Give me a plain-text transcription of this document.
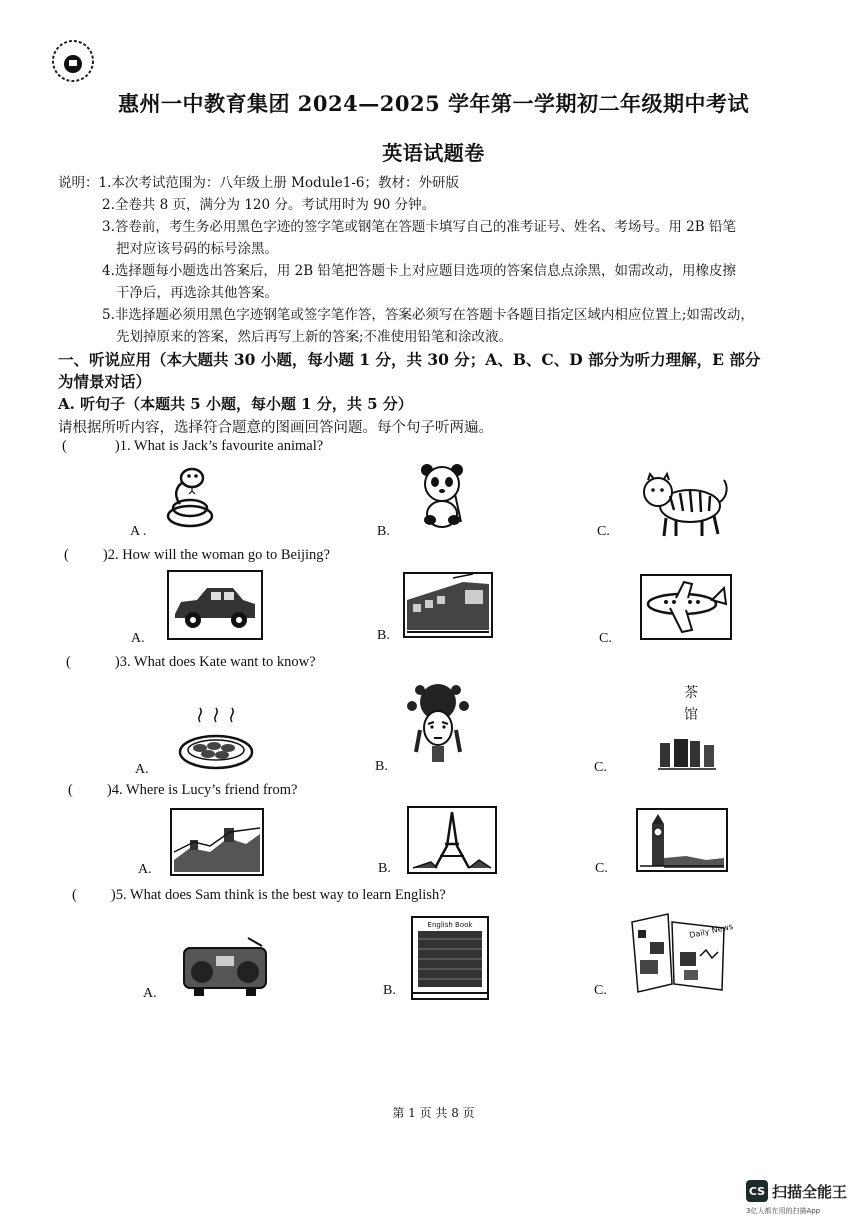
惠州一中教育集团 2024—2025 学年第一学期初二年级期中考试
英语试题卷
说明：1.本次考试范围为：八年级上册 Module1-6；教材：外研版
2.全卷共 8 页，满分为 120 分。考试用时为 90 分钟。
3.答卷前，考生务必用黑色字迹的签字笔或钢笔在答题卡填写自己的准考证号、姓名、考场号。用 2B 铅笔
把对应该号码的标号涂黑。
4.选择题每小题选出答案后，用 2B 铅笔把答题卡上对应题目选项的答案信息点涂黑，如需改动，用橡皮擦
干净后，再选涂其他答案。
5.非选择题必须用黑色字迹钢笔或签字笔作答，答案必须写在答题卡各题目指定区域内相应位置上;如需改动，
先划掉原来的答案，然后再写上新的答案;不准使用铅笔和涂改液。
一、听说应用（本大题共 30 小题，每小题 1 分，共 30 分；A、B、C、D 部分为听力理解，E 部分
为情景对话）
A. 听句子（本题共 5 小题，每小题 1 分，共 5 分）
请根据所听内容，选择符合题意的图画回答问题。每个句子听两遍。
(	)1. What is Jack’s favourite animal?
A .	B.	C.
( )2. How will the woman go to Beijing?
A.	B.	C.
(	)3. What does Kate want to know?
A.	B.	C.
茶
馆
( )4. Where is Lucy’s friend from?
A.	B.	C.
( )5. What does Sam think is the best way to learn English?
A.	B.	C.
English Book	Daily News
第 1 页 共 8 页
CS 扫描全能王
3亿人都在用的扫描App
